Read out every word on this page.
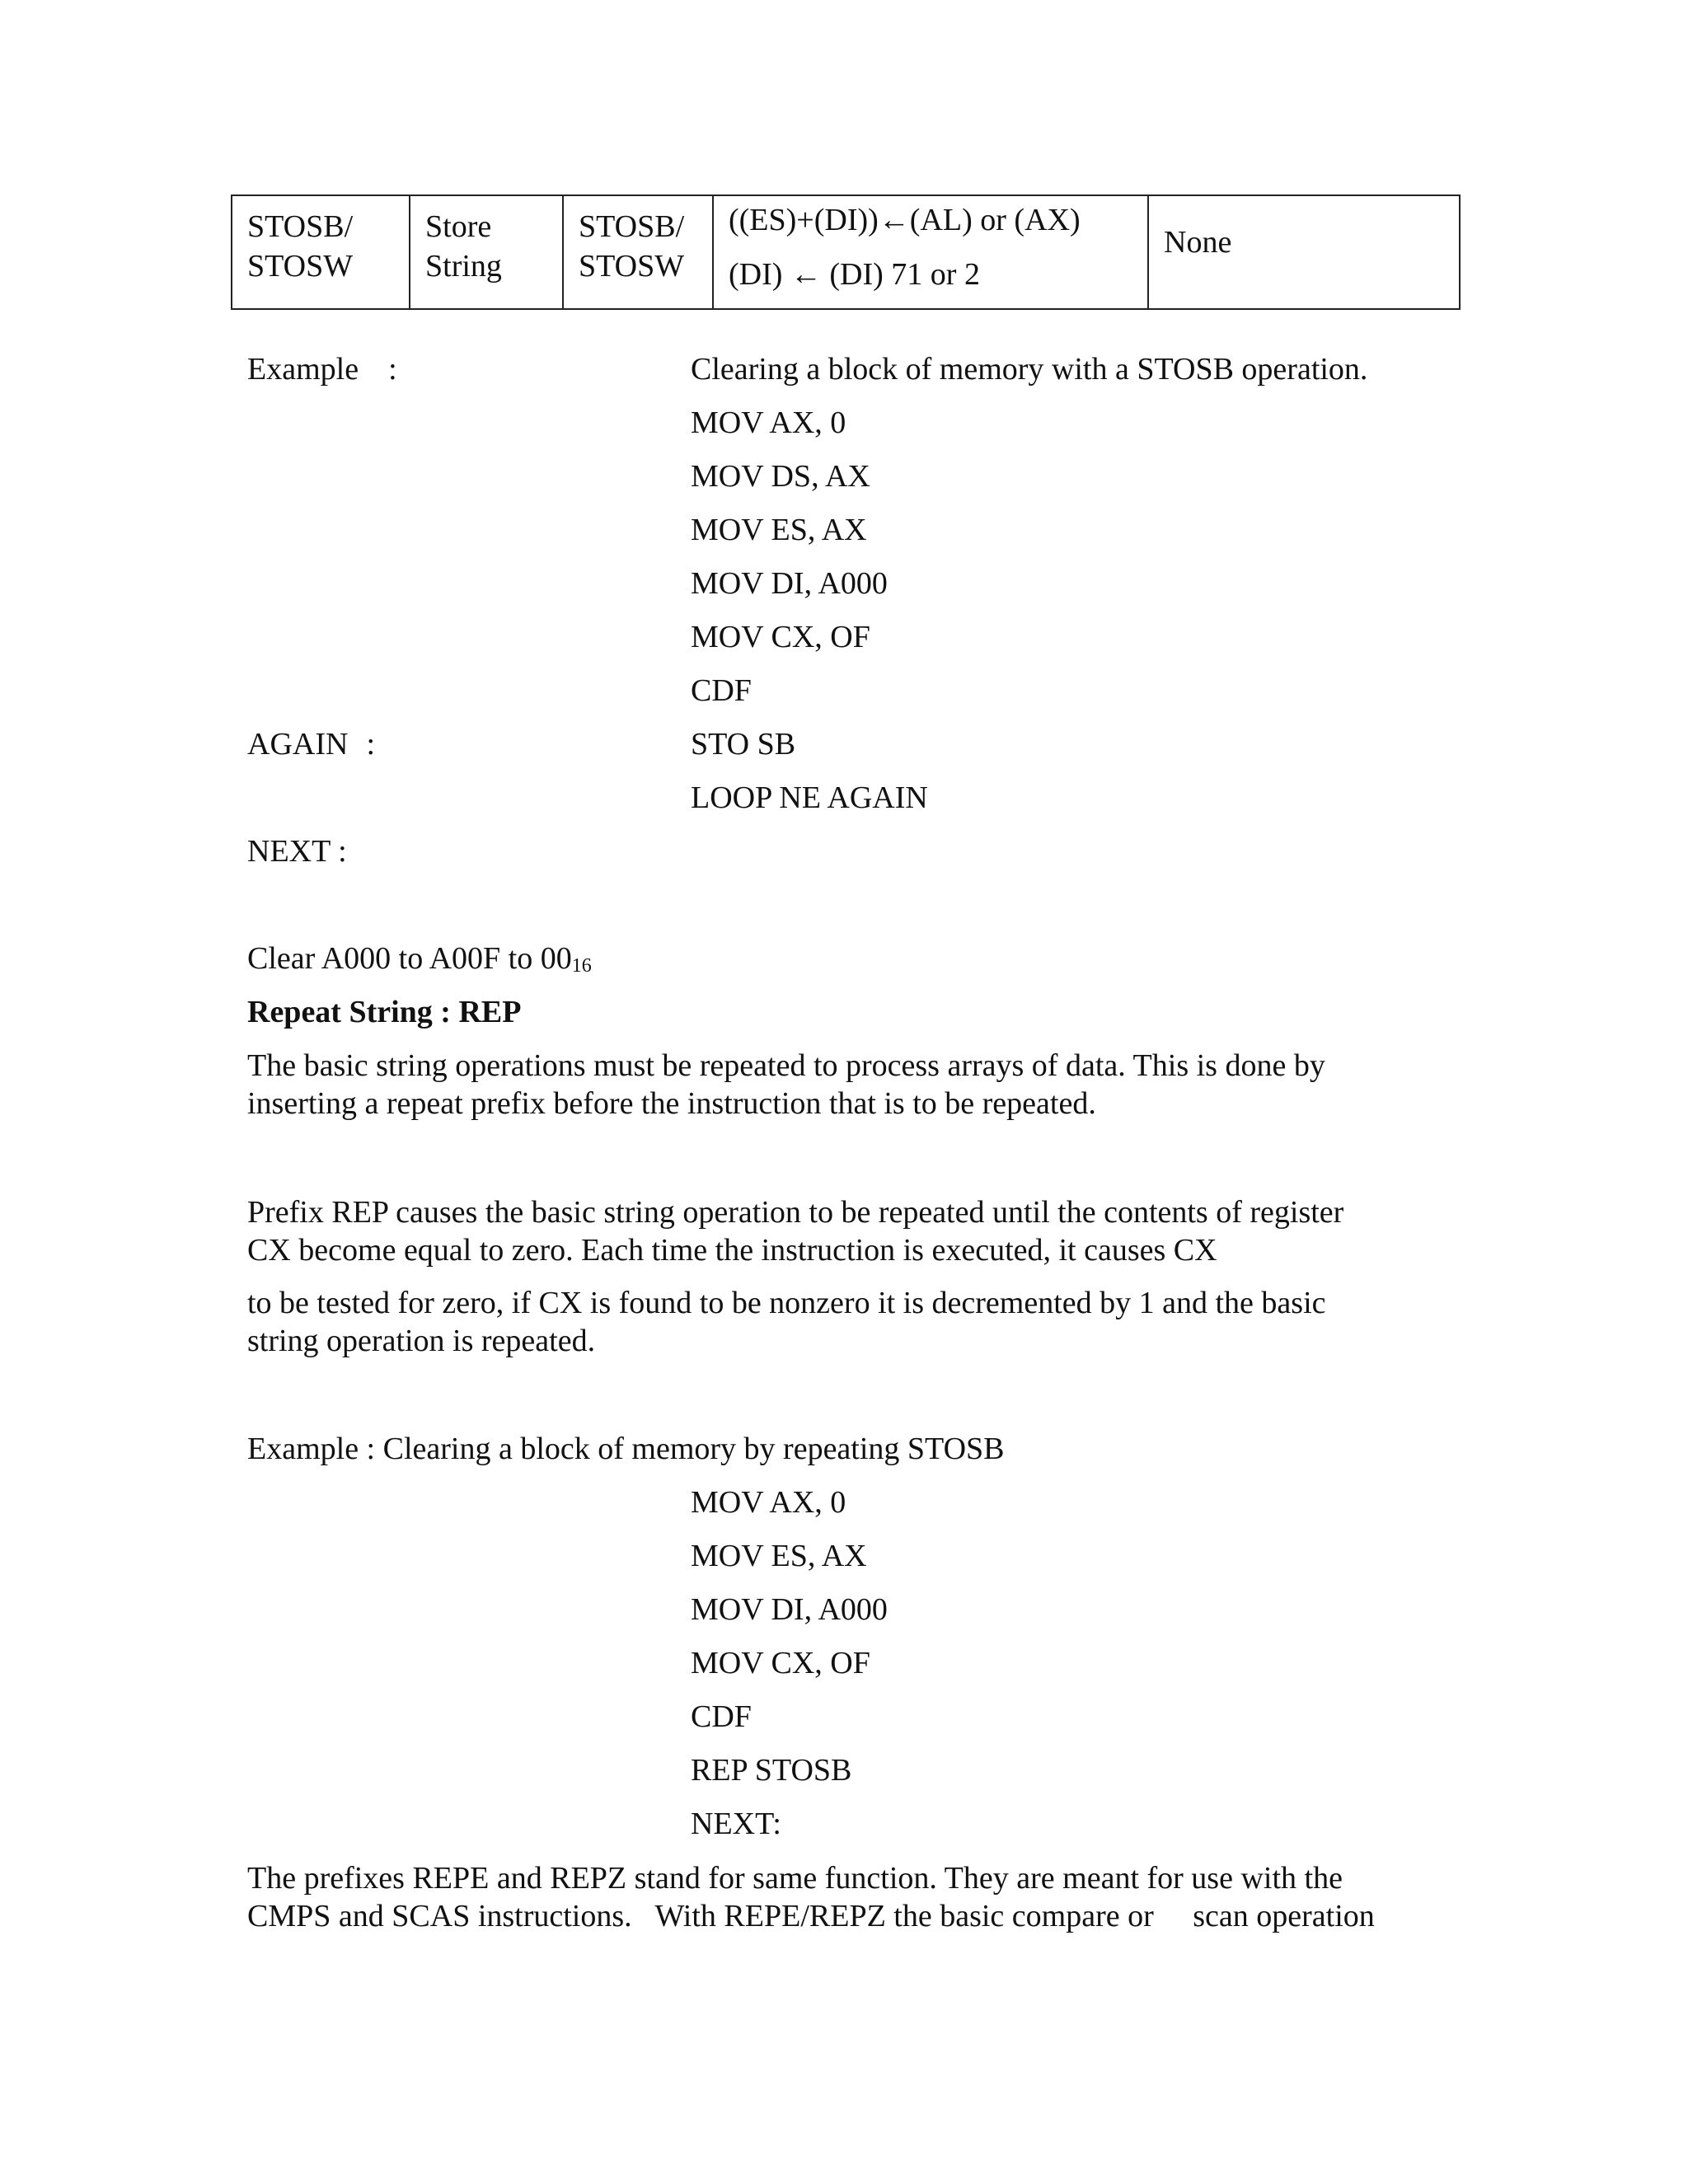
STOSB/
STOSW

Store
String

STOSB/
STOSW

((ES)+(DI))←(AL) or (AX)
(DI) ← (DI) 71 or 2

None
Example :	Clearing a block of memory with a STOSB operation.
MOV AX, 0
MOV DS, AX
MOV ES, AX
MOV DI, A000
MOV CX, OF
CDF
AGAIN :	STO SB
LOOP NE AGAIN
NEXT :
Clear A000 to A00F to $00_{16}$
Repeat String : REP
The basic string operations must be repeated to process arrays of data. This is done by
inserting a repeat prefix before the instruction that is to be repeated.
Prefix REP causes the basic string operation to be repeated until the contents of register
CX become equal to zero. Each time the instruction is executed, it causes CX
to be tested for zero, if CX is found to be nonzero it is decremented by 1 and the basic
string operation is repeated.
Example : Clearing a block of memory by repeating STOSB
MOV AX, 0
MOV ES, AX
MOV DI, A000
MOV CX, OF
CDF
REP STOSB
NEXT:
The prefixes REPE and REPZ stand for same function. They are meant for use with the
CMPS and SCAS instructions.   With REPE/REPZ the basic compare or     scan operation
